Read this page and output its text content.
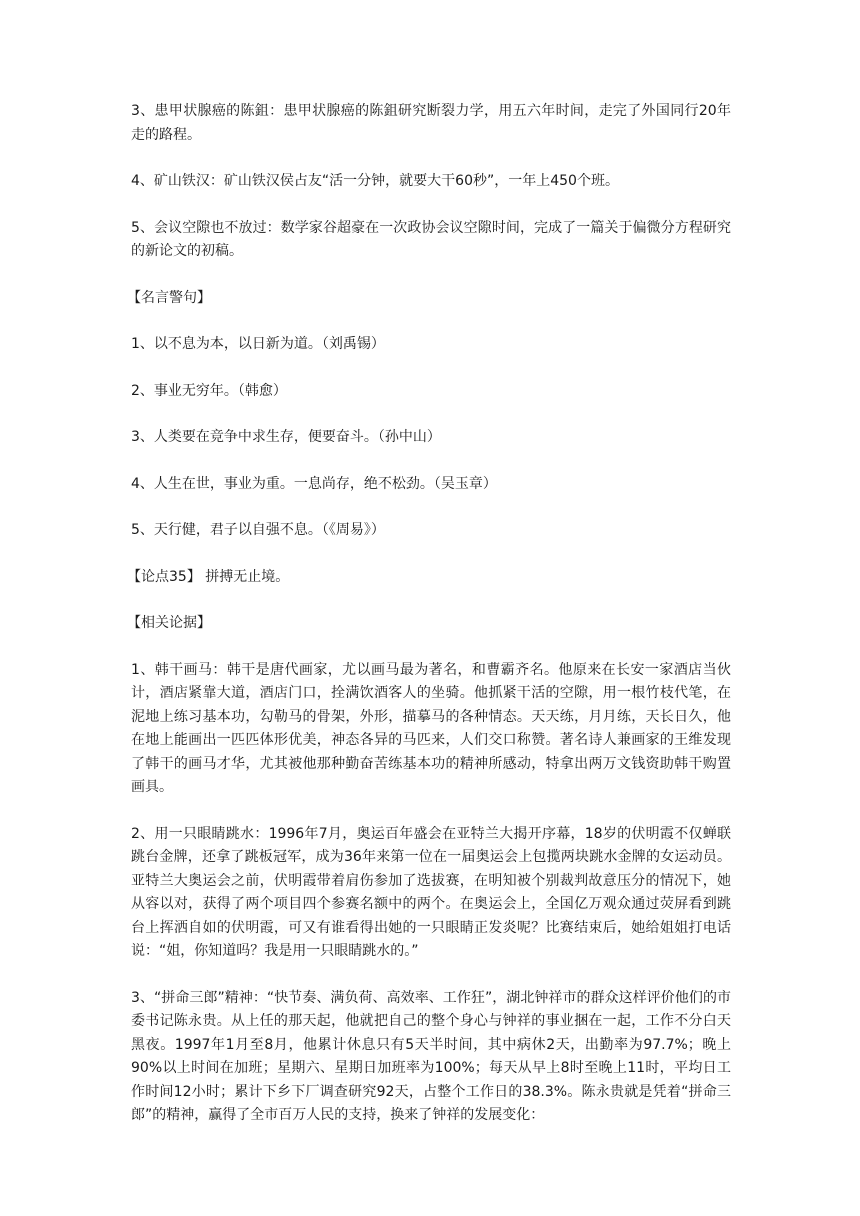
3、患甲状腺癌的陈鉏：患甲状腺癌的陈鉏研究断裂力学，用五六年时间，走完了外国同行20年走的路程。

4、矿山铁汉：矿山铁汉侯占友“活一分钟，就要大干60秒”，一年上450个班。

5、会议空隙也不放过：数学家谷超豪在一次政协会议空隙时间，完成了一篇关于偏微分方程研究的新论文的初稿。

【名言警句】

1、以不息为本，以日新为道。（刘禹锡）

2、事业无穷年。（韩愈）

3、人类要在竞争中求生存，便要奋斗。（孙中山）

4、人生在世，事业为重。一息尚存，绝不松劲。（吴玉章）

5、天行健，君子以自强不息。（《周易》）

【论点35】 拼搏无止境。

【相关论据】

1、韩干画马：韩干是唐代画家，尤以画马最为著名，和曹霸齐名。他原来在长安一家酒店当伙计，酒店紧靠大道，酒店门口，拴满饮酒客人的坐骑。他抓紧干活的空隙，用一根竹枝代笔，在泥地上练习基本功，勾勒马的骨架，外形，描摹马的各种情态。天天练，月月练，天长日久，他在地上能画出一匹匹体形优美，神态各异的马匹来，人们交口称赞。著名诗人兼画家的王维发现了韩干的画马才华，尤其被他那种勤奋苦练基本功的精神所感动，特拿出两万文钱资助韩干购置画具。

2、用一只眼睛跳水：1996年7月，奥运百年盛会在亚特兰大揭开序幕，18岁的伏明霞不仅蝉联跳台金牌，还拿了跳板冠军，成为36年来第一位在一届奥运会上包揽两块跳水金牌的女运动员。亚特兰大奥运会之前，伏明霞带着肩伤参加了选拔赛，在明知被个别裁判故意压分的情况下，她从容以对，获得了两个项目四个参赛名额中的两个。在奥运会上，全国亿万观众通过荧屏看到跳台上挥洒自如的伏明霞，可又有谁看得出她的一只眼睛正发炎呢？比赛结束后，她给姐姐打电话说：“姐，你知道吗？我是用一只眼睛跳水的。”

3、“拼命三郎”精神：“快节奏、满负荷、高效率、工作狂”，湖北钟祥市的群众这样评价他们的市委书记陈永贵。从上任的那天起，他就把自己的整个身心与钟祥的事业捆在一起，工作不分白天黑夜。1997年1月至8月，他累计休息只有5天半时间，其中病休2天，出勤率为97.7%；晚上90%以上时间在加班；星期六、星期日加班率为100%；每天从早上8时至晚上11时，平均日工作时间12小时；累计下乡下厂调查研究92天，占整个工作日的38.3%。陈永贵就是凭着“拼命三郎”的精神，赢得了全市百万人民的支持，换来了钟祥的发展变化：
